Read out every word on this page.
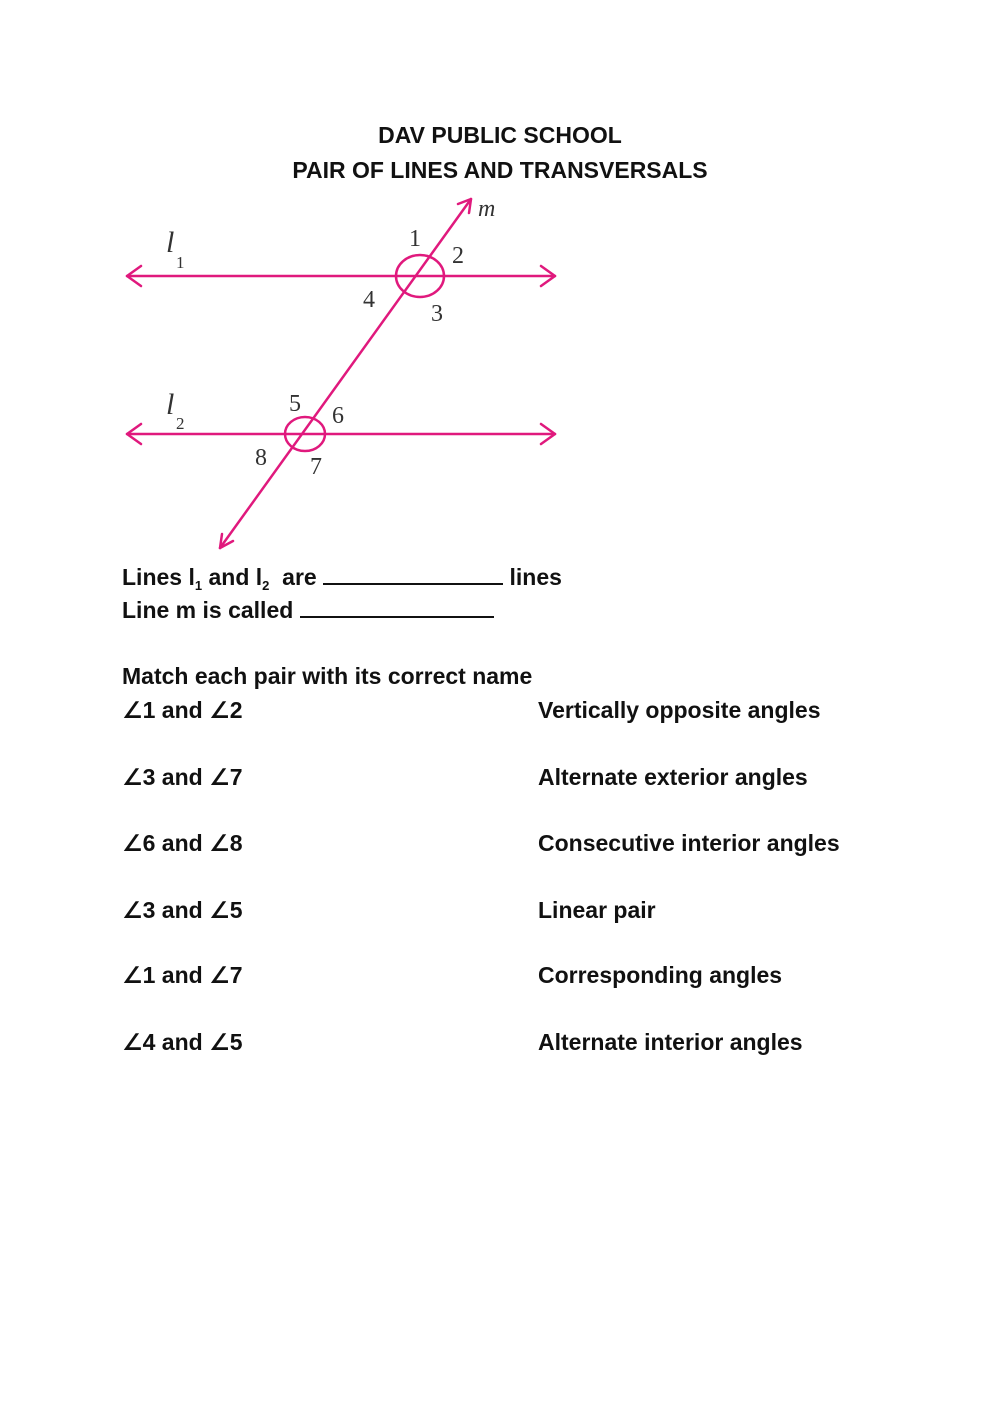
DAV PUBLIC SCHOOL
PAIR OF LINES AND TRANSVERSALS
l
1
l
2
m
1
2
3
4
5 6
7
8
Lines $l_1$ and $l_2$  are	lines
Line m is called
Match each pair with its correct name
∠1 and ∠2
∠3 and ∠7
∠6 and ∠8
∠3 and ∠5
∠1 and ∠7
∠4 and ∠5
Vertically opposite angles
Alternate exterior angles
Consecutive interior angles
Linear pair
Corresponding angles
Alternate interior angles
